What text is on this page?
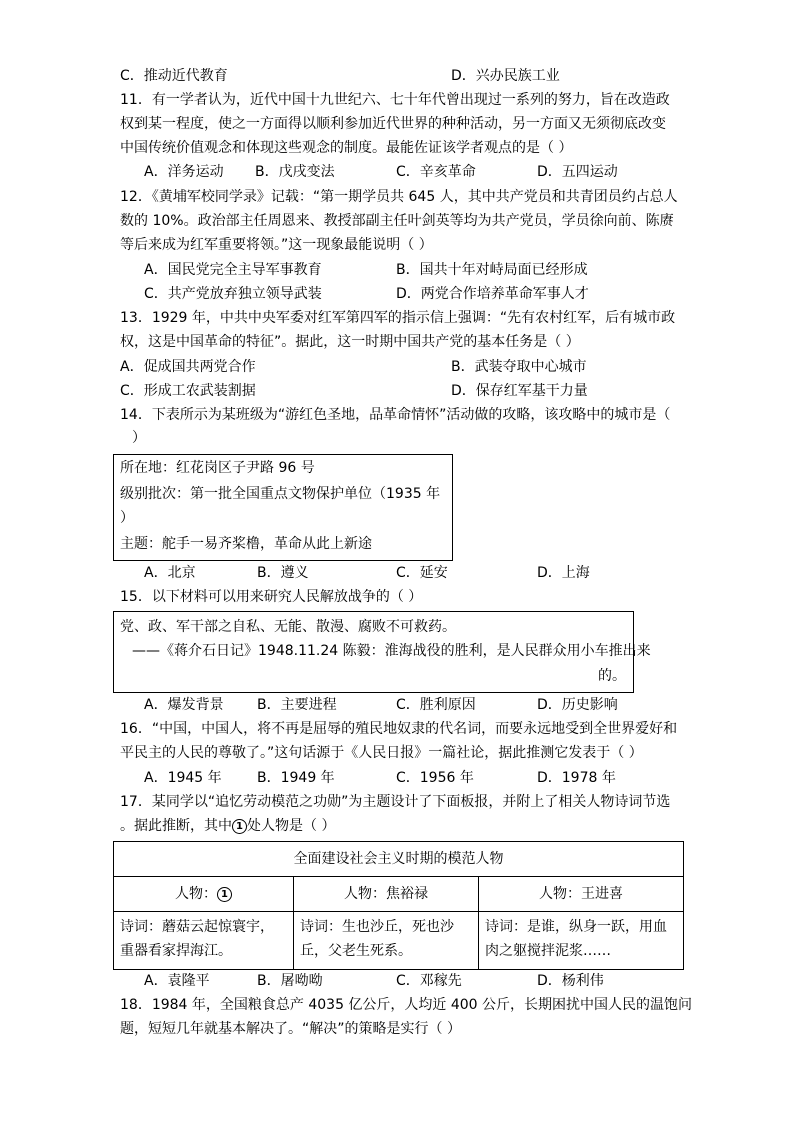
C．推动近代教育	D．兴办民族工业
11．有一学者认为，近代中国十九世纪六、七十年代曾出现过一系列的努力，旨在改造政
权到某一程度，使之一方面得以顺利参加近代世界的种种活动，另一方面又无须彻底改变
中国传统价值观念和体现这些观念的制度。最能佐证该学者观点的是（ ）
A．洋务运动 B．戊戌变法	C．辛亥革命	D．五四运动
12．《黄埔军校同学录》记载：“第一期学员共 645 人，其中共产党员和共青团员约占总人
数的 10%。政治部主任周恩来、教授部副主任叶剑英等均为共产党员，学员徐向前、陈赓
等后来成为红军重要将领。”这一现象最能说明（ ）
A．国民党完全主导军事教育	B．国共十年对峙局面已经形成
C．共产党放弃独立领导武装	D．两党合作培养革命军事人才
13．1929 年，中共中央军委对红军第四军的指示信上强调：“先有农村红军，后有城市政
权，这是中国革命的特征”。据此，这一时期中国共产党的基本任务是（ ）
A．促成国共两党合作	B．武装夺取中心城市
C．形成工农武装割据	D．保存红军基干力量
14．下表所示为某班级为“游红色圣地，品革命情怀”活动做的攻略，该攻略中的城市是（
）
所在地：红花岗区子尹路 96 号
级别批次：第一批全国重点文物保护单位（1935 年
）
主题：舵手一易齐桨橹，革命从此上新途
A．北京	B．遵义	C．延安	D．上海
15．以下材料可以用来研究人民解放战争的（ ）
党、政、军干部之自私、无能、散漫、腐败不可救药。
——《蒋介石日记》1948.11.24 陈毅：淮海战役的胜利，是人民群众用小车推出来
的。
A．爆发背景 B．主要进程	C．胜利原因	D．历史影响
16．“中国，中国人，将不再是屈辱的殖民地奴隶的代名词，而要永远地受到全世界爱好和
平民主的人民的尊敬了。”这句话源于《人民日报》一篇社论，据此推测它发表于（ ）
A．1945 年	B．1949 年	C．1956 年	D．1978 年
17．某同学以“追忆劳动模范之功勋”为主题设计了下面板报，并附上了相关人物诗词节选
。据此推断，其中 1 处人物是（ ）
全面建设社会主义时期的模范人物		
人物： 1	人物：焦裕禄	人物：王进喜
诗词：蘑菇云起惊寰宇，重器看家捍海江。	诗词：生也沙丘，死也沙丘，父老生死系。	诗词：是谁，纵身一跃，用血肉之躯搅拌泥浆……
A．袁隆平	B．屠呦呦	C．邓稼先	D．杨利伟
18．1984 年，全国粮食总产 4035 亿公斤，人均近 400 公斤，长期困扰中国人民的温饱问
题，短短几年就基本解决了。“解决”的策略是实行（ ）
